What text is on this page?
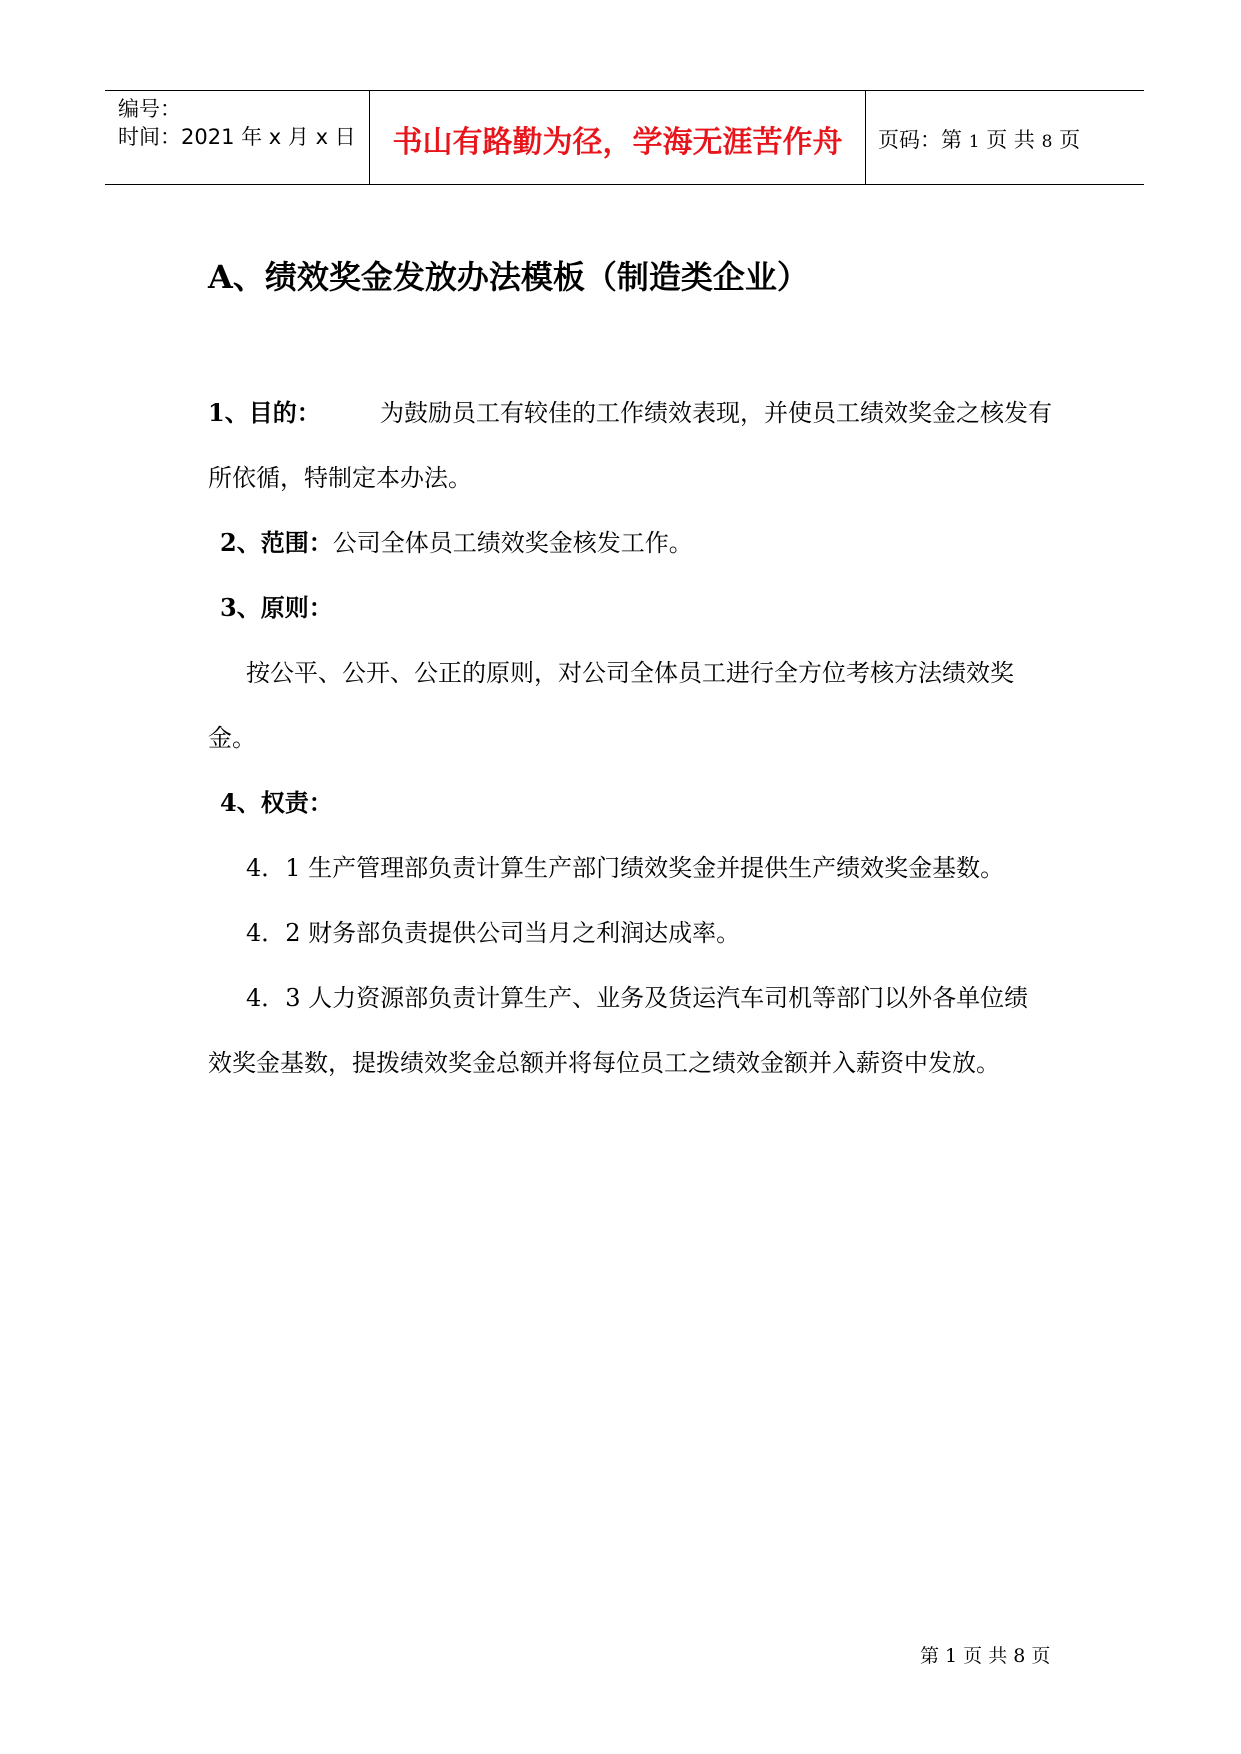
编号：
时间：2021 年 x 月 x 日	书山有路勤为径，学海无涯苦作舟	页码：第 1 页 共 8 页
A、绩效奖金发放办法模板（制造类企业）
1、目的： 为鼓励员工有较佳的工作绩效表现，并使员工绩效奖金之核发有
所依循，特制定本办法。
2、范围：公司全体员工绩效奖金核发工作。
3、原则：
按公平、公开、公正的原则，对公司全体员工进行全方位考核方法绩效奖
金。
4、权责：
4．1 生产管理部负责计算生产部门绩效奖金并提供生产绩效奖金基数。
4．2 财务部负责提供公司当月之利润达成率。
4．3 人力资源部负责计算生产、业务及货运汽车司机等部门以外各单位绩
效奖金基数，提拨绩效奖金总额并将每位员工之绩效金额并入薪资中发放。
第 1 页 共 8 页
